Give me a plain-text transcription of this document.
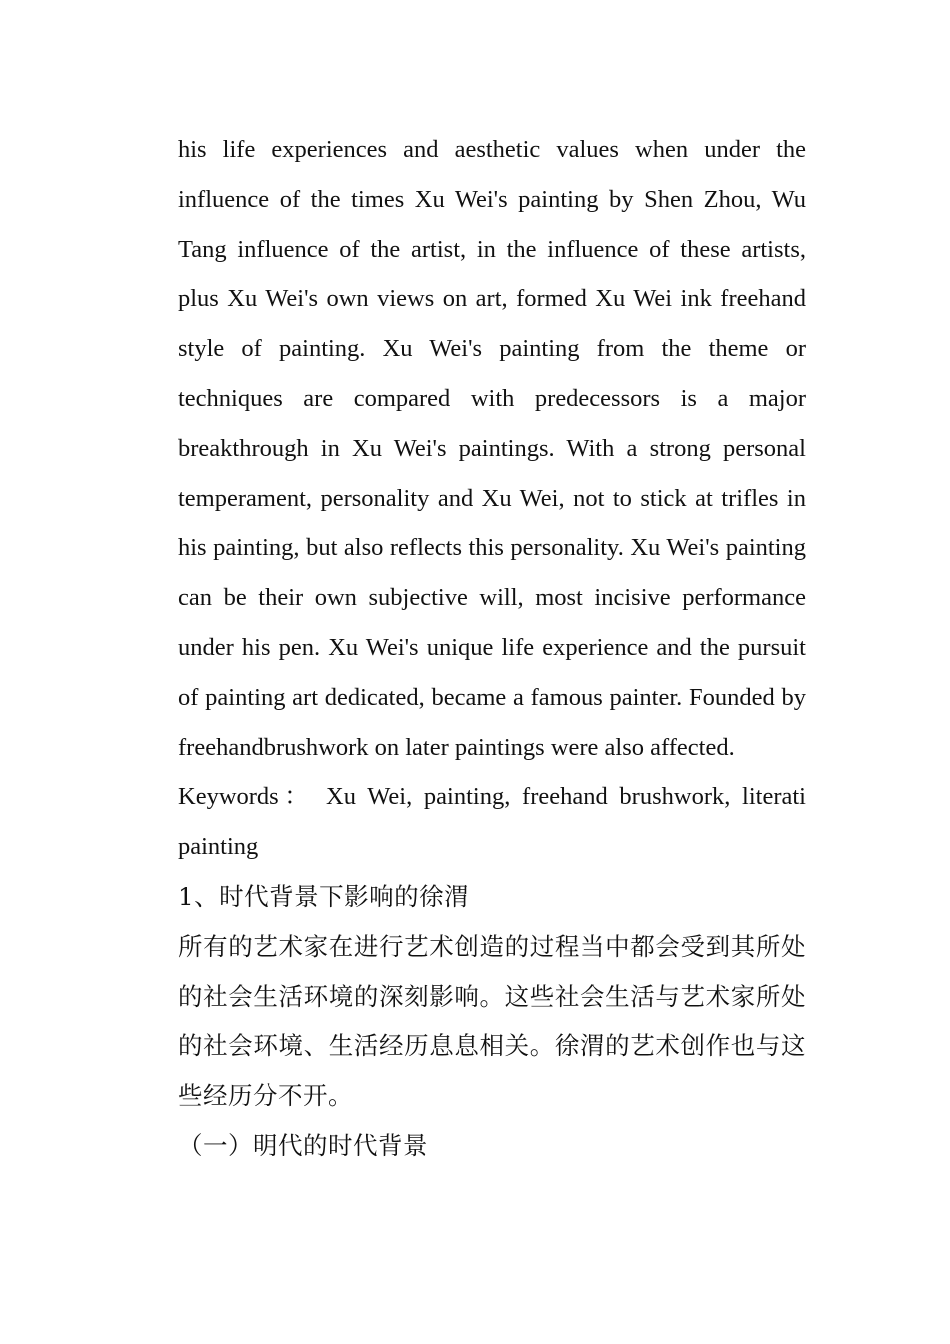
his life experiences and aesthetic values when under the influence of the times Xu Wei's painting by Shen Zhou, Wu Tang influence of the artist, in the influence of these artists, plus Xu Wei's own views on art, formed Xu Wei ink freehand style of painting. Xu Wei's painting from the theme or techniques are compared with predecessors is a major breakthrough in Xu Wei's paintings. With a strong personal temperament, personality and Xu Wei, not to stick at trifles in his painting, but also reflects this personality. Xu Wei's painting can be their own subjective will, most incisive performance under his pen. Xu Wei's unique life experience and the pursuit of painting art dedicated, became a famous painter. Founded by freehandbrushwork on later paintings were also affected.

Keywords： Xu Wei, painting, freehand brushwork, literati painting

1、时代背景下影响的徐渭

所有的艺术家在进行艺术创造的过程当中都会受到其所处的社会生活环境的深刻影响。这些社会生活与艺术家所处的社会环境、生活经历息息相关。徐渭的艺术创作也与这些经历分不开。

（一）明代的时代背景
